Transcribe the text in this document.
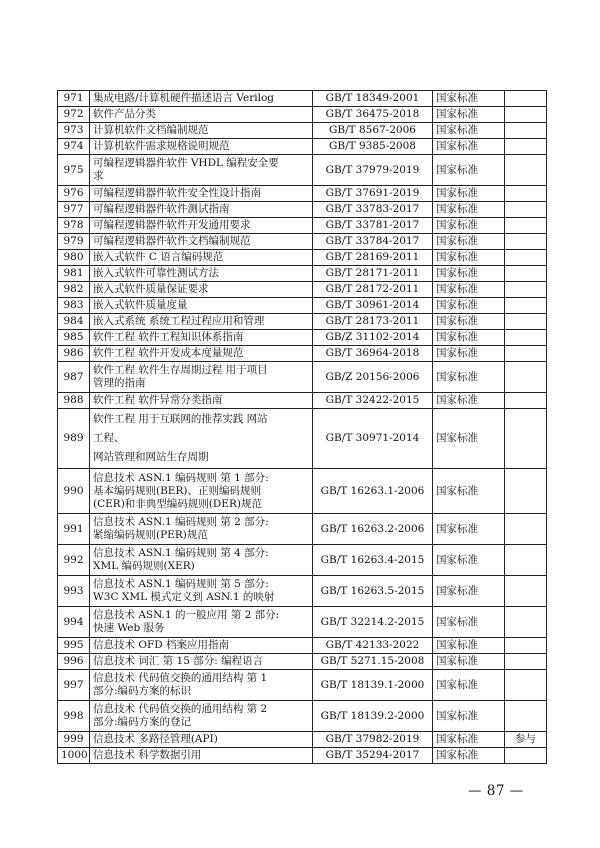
971	集成电路/计算机硬件描述语言 Verilog	GB/T 18349-2001	国家标准	
972	软件产品分类	GB/T 36475-2018	国家标准	
973	计算机软件文档编制规范	GB/T 8567-2006	国家标准	
974	计算机软件需求规格说明规范	GB/T 9385-2008	国家标准	
975	可编程逻辑器件软件 VHDL 编程安全要
求	GB/T 37979-2019	国家标准	
976	可编程逻辑器件软件安全性设计指南	GB/T 37691-2019	国家标准	
977	可编程逻辑器件软件测试指南	GB/T 33783-2017	国家标准	
978	可编程逻辑器件软件开发通用要求	GB/T 33781-2017	国家标准	
979	可编程逻辑器件软件文档编制规范	GB/T 33784-2017	国家标准	
980	嵌入式软件 C 语言编码规范	GB/T 28169-2011	国家标准	
981	嵌入式软件可靠性测试方法	GB/T 28171-2011	国家标准	
982	嵌入式软件质量保证要求	GB/T 28172-2011	国家标准	
983	嵌入式软件质量度量	GB/T 30961-2014	国家标准	
984	嵌入式系统 系统工程过程应用和管理	GB/T 28173-2011	国家标准	
985	软件工程 软件工程知识体系指南	GB/Z 31102-2014	国家标准	
986	软件工程 软件开发成本度量规范	GB/T 36964-2018	国家标准	
987	软件工程 软件生存周期过程 用于项目
管理的指南	GB/Z 20156-2006	国家标准	
988	软件工程 软件异常分类指南	GB/T 32422-2015	国家标准	
989	软件工程 用于互联网的推荐实践 网站
工程、
网站管理和网站生存周期	GB/T 30971-2014	国家标准	
990	信息技术 ASN.1 编码规则 第 1 部分:
基本编码规则(BER)、正则编码规则
(CER)和非典型编码规则(DER)规范	GB/T 16263.1-2006	国家标准	
991	信息技术 ASN.1 编码规则 第 2 部分:
紧缩编码规则(PER)规范	GB/T 16263.2-2006	国家标准	
992	信息技术 ASN.1 编码规则 第 4 部分:
XML 编码规则(XER)	GB/T 16263.4-2015	国家标准	
993	信息技术 ASN.1 编码规则 第 5 部分:
W3C XML 模式定义到 ASN.1 的映射	GB/T 16263.5-2015	国家标准	
994	信息技术 ASN.1 的一般应用 第 2 部分:
快速 Web 服务	GB/T 32214.2-2015	国家标准	
995	信息技术 OFD 档案应用指南	GB/T 42133-2022	国家标准	
996	信息技术 词汇 第 15 部分: 编程语言	GB/T 5271.15-2008	国家标准	
997	信息技术 代码值交换的通用结构 第 1
部分:编码方案的标识	GB/T 18139.1-2000	国家标准	
998	信息技术 代码值交换的通用结构 第 2
部分:编码方案的登记	GB/T 18139.2-2000	国家标准	
999	信息技术 多路径管理(API)	GB/T 37982-2019	国家标准	参与
1000	信息技术 科学数据引用	GB/T 35294-2017	国家标准	
— 87 —
